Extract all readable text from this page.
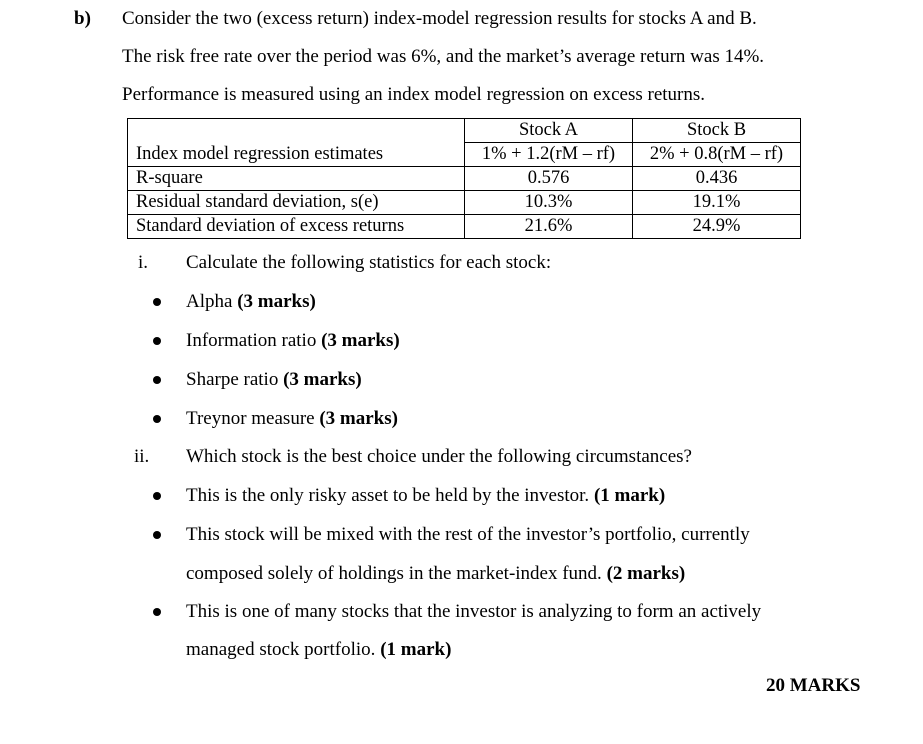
b) Consider the two (excess return) index-model regression results for stocks A and B.
The risk free rate over the period was 6%, and the market’s average return was 14%.
Performance is measured using an index model regression on excess returns.
	Stock A	Stock B
Index model regression estimates	1% + 1.2(rM – rf)	2% + 0.8(rM – rf)
R-square	0.576	0.436
Residual standard deviation, s(e)	10.3%	19.1%
Standard deviation of excess returns	21.6%	24.9%
i. Calculate the following statistics for each stock:
Alpha (3 marks)
Information ratio (3 marks)
Sharpe ratio (3 marks)
Treynor measure (3 marks)
ii. Which stock is the best choice under the following circumstances?
This is the only risky asset to be held by the investor. (1 mark)
This stock will be mixed with the rest of the investor’s portfolio, currently
composed solely of holdings in the market-index fund. (2 marks)
This is one of many stocks that the investor is analyzing to form an actively
managed stock portfolio. (1 mark)
20 MARKS
